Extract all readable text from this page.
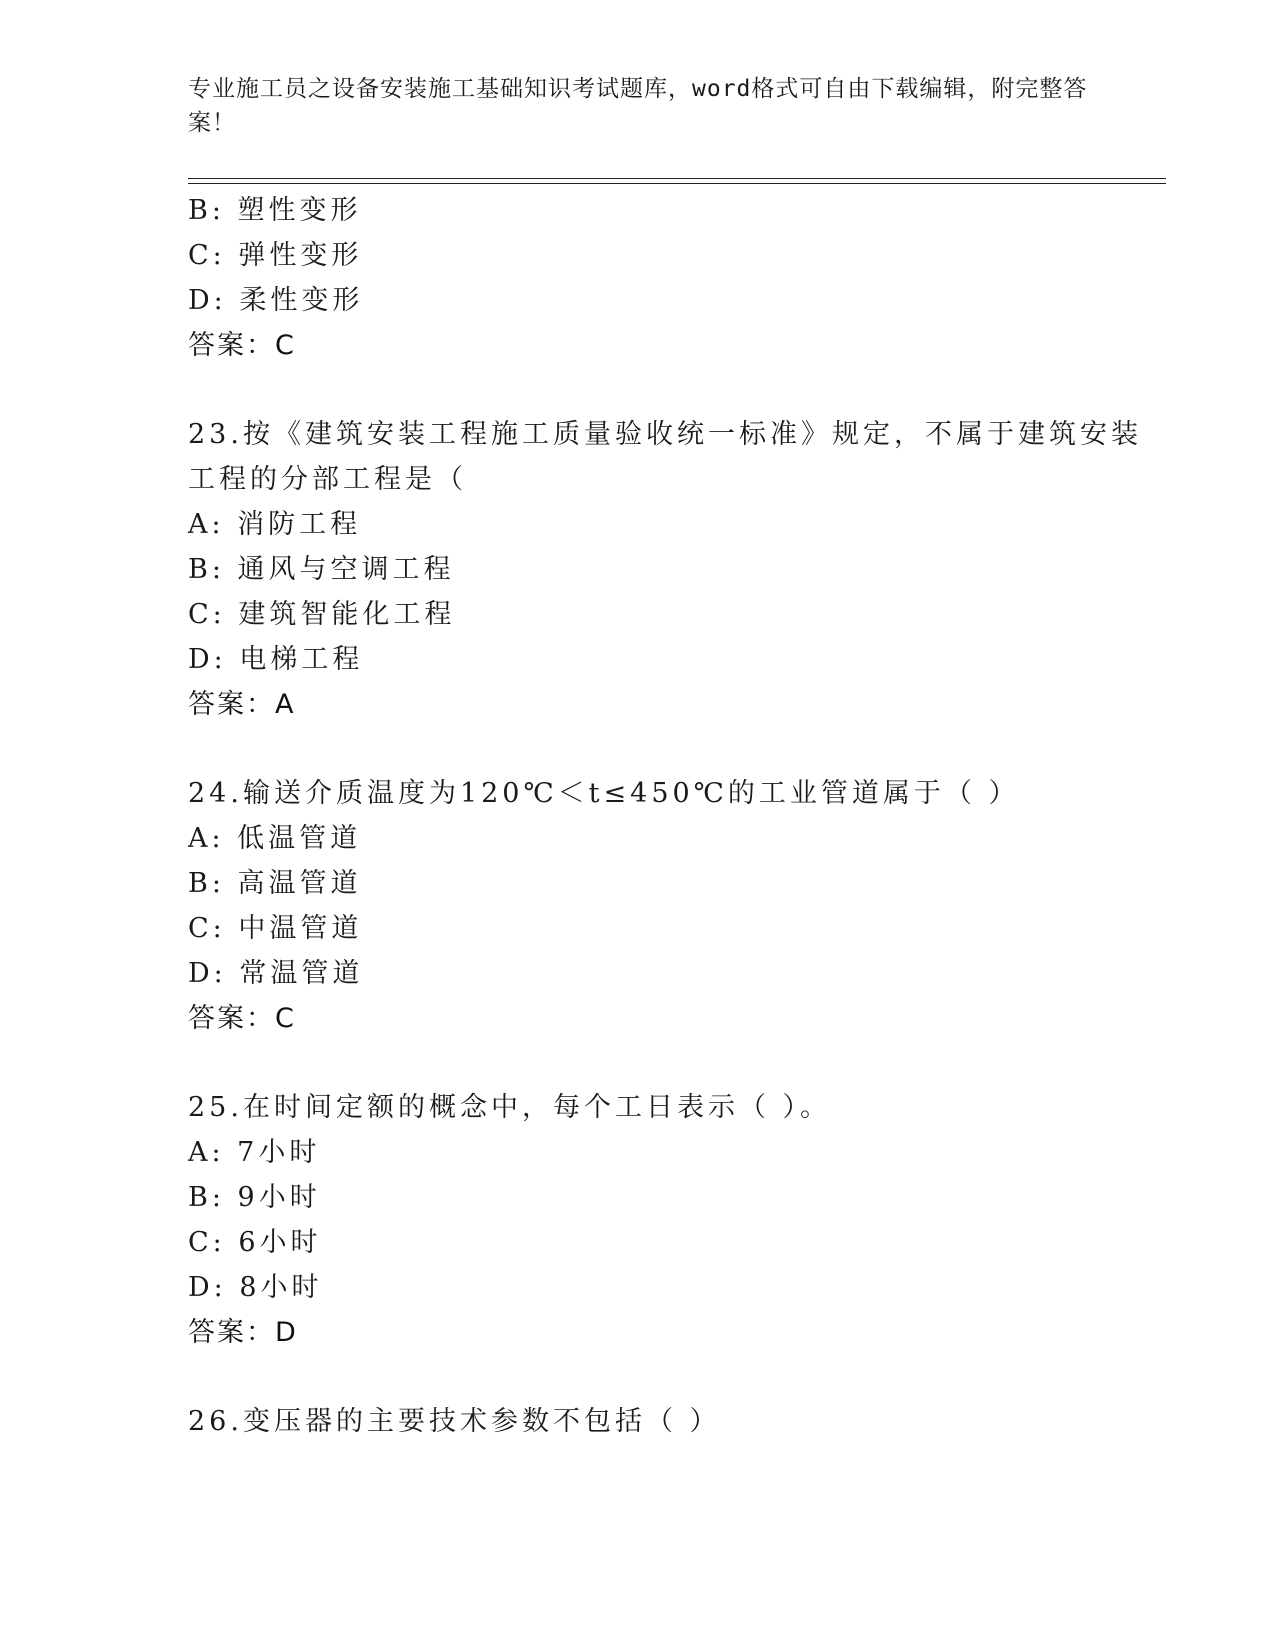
专业施工员之设备安装施工基础知识考试题库，word格式可自由下载编辑，附完整答案！
B: 塑性变形
C: 弹性变形
D: 柔性变形
答案：C
23.按《建筑安装工程施工质量验收统一标准》规定，不属于建筑安装
工程的分部工程是（
A: 消防工程
B: 通风与空调工程
C: 建筑智能化工程
D: 电梯工程
答案：A
24.输送介质温度为120℃＜t≤450℃的工业管道属于（ ）
A: 低温管道
B: 高温管道
C: 中温管道
D: 常温管道
答案：C
25.在时间定额的概念中，每个工日表示（ ）。
A: 7小时
B: 9小时
C: 6小时
D: 8小时
答案：D
26.变压器的主要技术参数不包括（ ）
